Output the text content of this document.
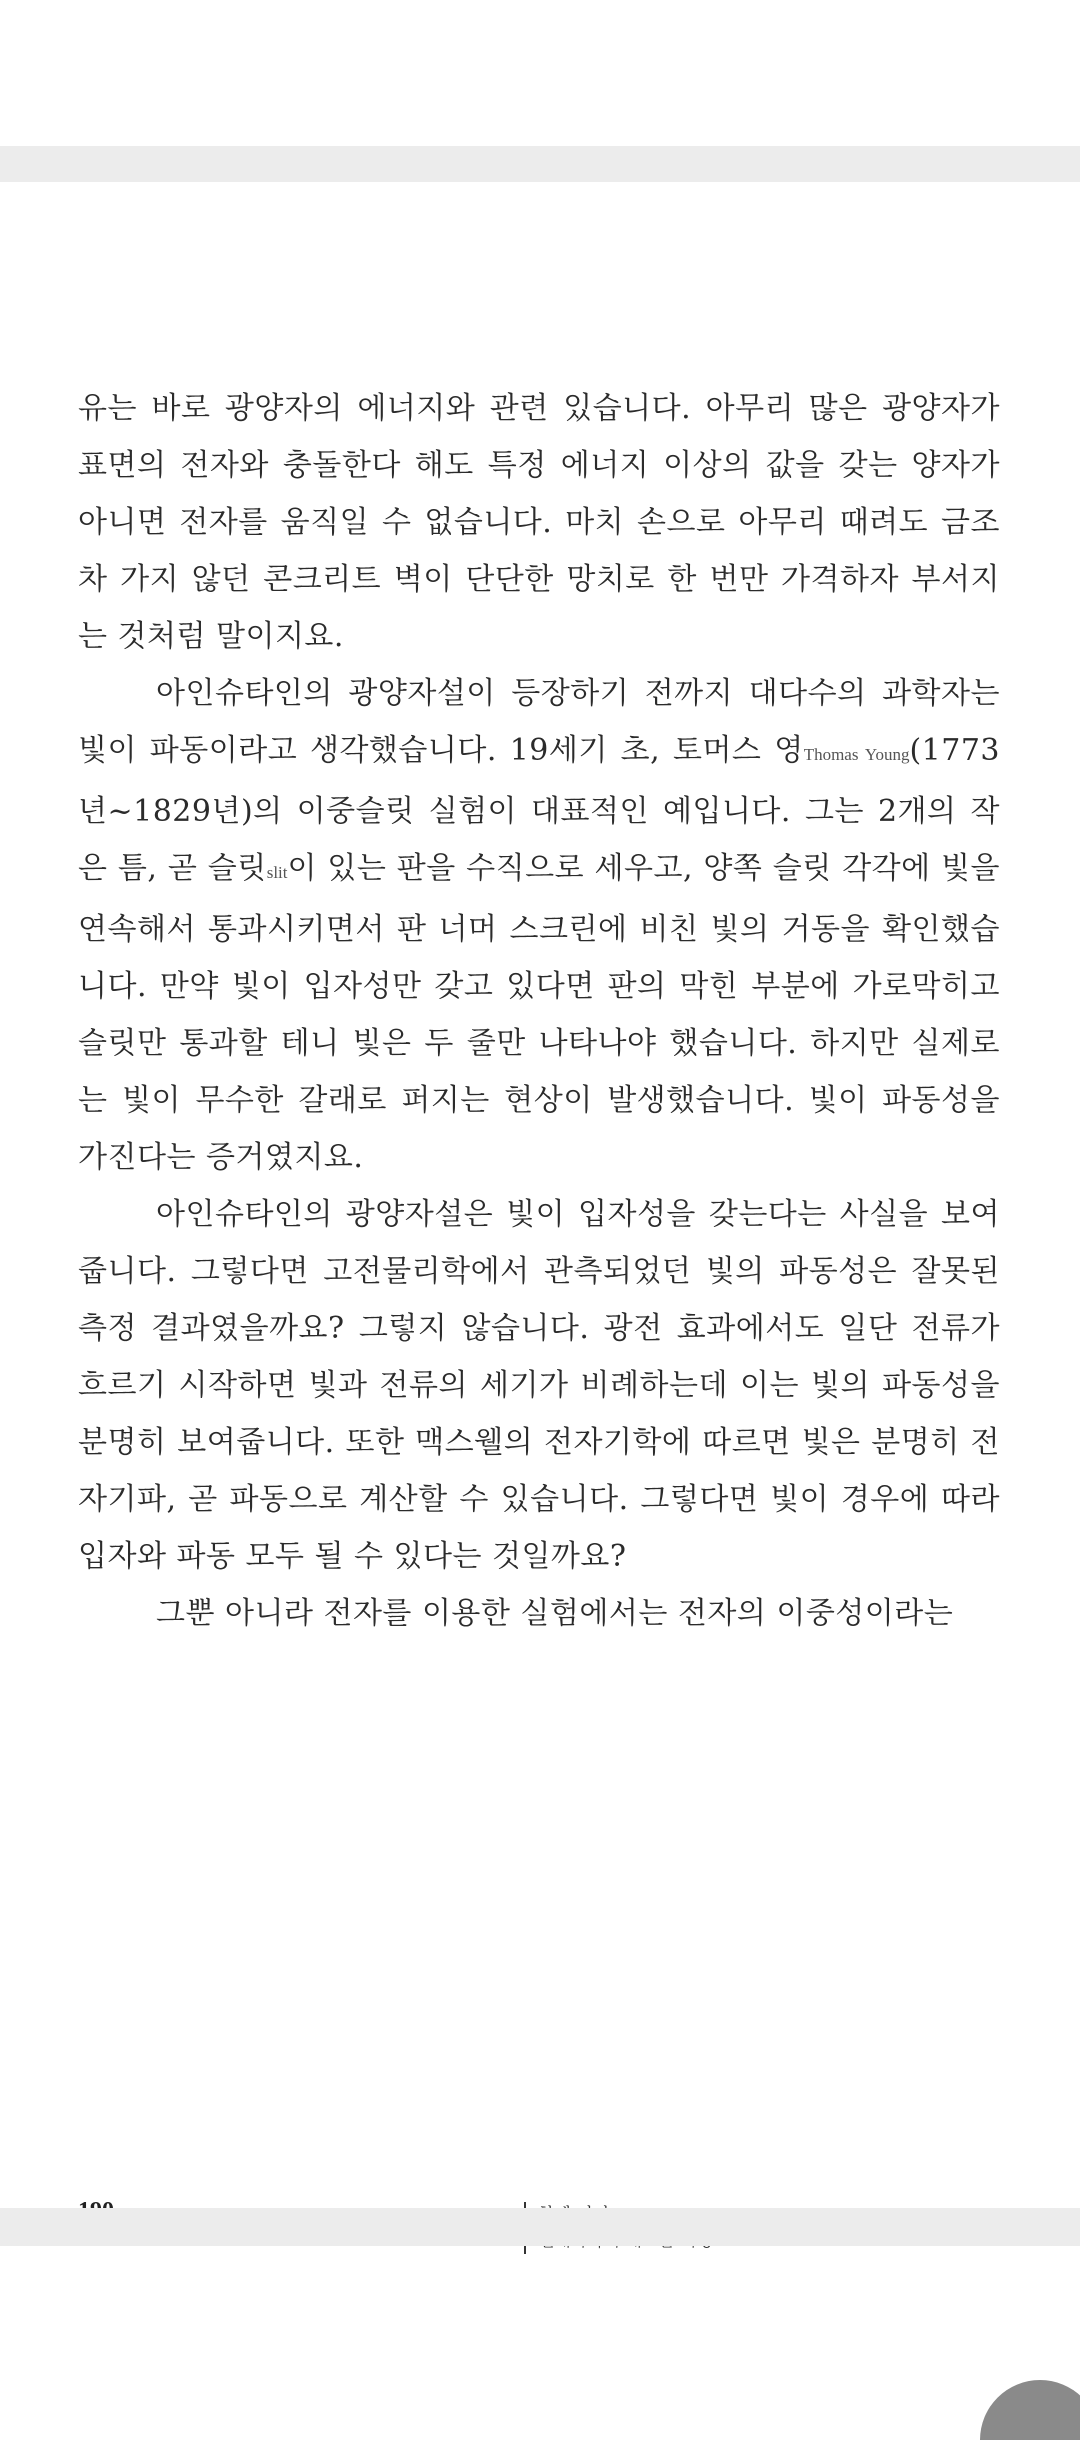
유는 바로 광양자의 에너지와 관련 있습니다. 아무리 많은 광양자가 표면의 전자와 충돌한다 해도 특정 에너지 이상의 값을 갖는 양자가 아니면 전자를 움직일 수 없습니다. 마치 손으로 아무리 때려도 금조차 가지 않던 콘크리트 벽이 단단한 망치로 한 번만 가격하자 부서지는 것처럼 말이지요.

아인슈타인의 광양자설이 등장하기 전까지 대다수의 과학자는 빛이 파동이라고 생각했습니다. 19세기 초, 토머스 영Thomas Young(1773년~1829년)의 이중슬릿 실험이 대표적인 예입니다. 그는 2개의 작은 틈, 곧 슬릿slit이 있는 판을 수직으로 세우고, 양쪽 슬릿 각각에 빛을 연속해서 통과시키면서 판 너머 스크린에 비친 빛의 거동을 확인했습니다. 만약 빛이 입자성만 갖고 있다면 판의 막힌 부분에 가로막히고 슬릿만 통과할 테니 빛은 두 줄만 나타나야 했습니다. 하지만 실제로는 빛이 무수한 갈래로 퍼지는 현상이 발생했습니다. 빛이 파동성을 가진다는 증거였지요.

아인슈타인의 광양자설은 빛이 입자성을 갖는다는 사실을 보여줍니다. 그렇다면 고전물리학에서 관측되었던 빛의 파동성은 잘못된 측정 결과였을까요? 그렇지 않습니다. 광전 효과에서도 일단 전류가 흐르기 시작하면 빛과 전류의 세기가 비례하는데 이는 빛의 파동성을 분명히 보여줍니다. 또한 맥스웰의 전자기학에 따르면 빛은 분명히 전자기파, 곧 파동으로 계산할 수 있습니다. 그렇다면 빛이 경우에 따라 입자와 파동 모두 될 수 있다는 것일까요?

그뿐 아니라 전자를 이용한 실험에서는 전자의 이중성이라는
